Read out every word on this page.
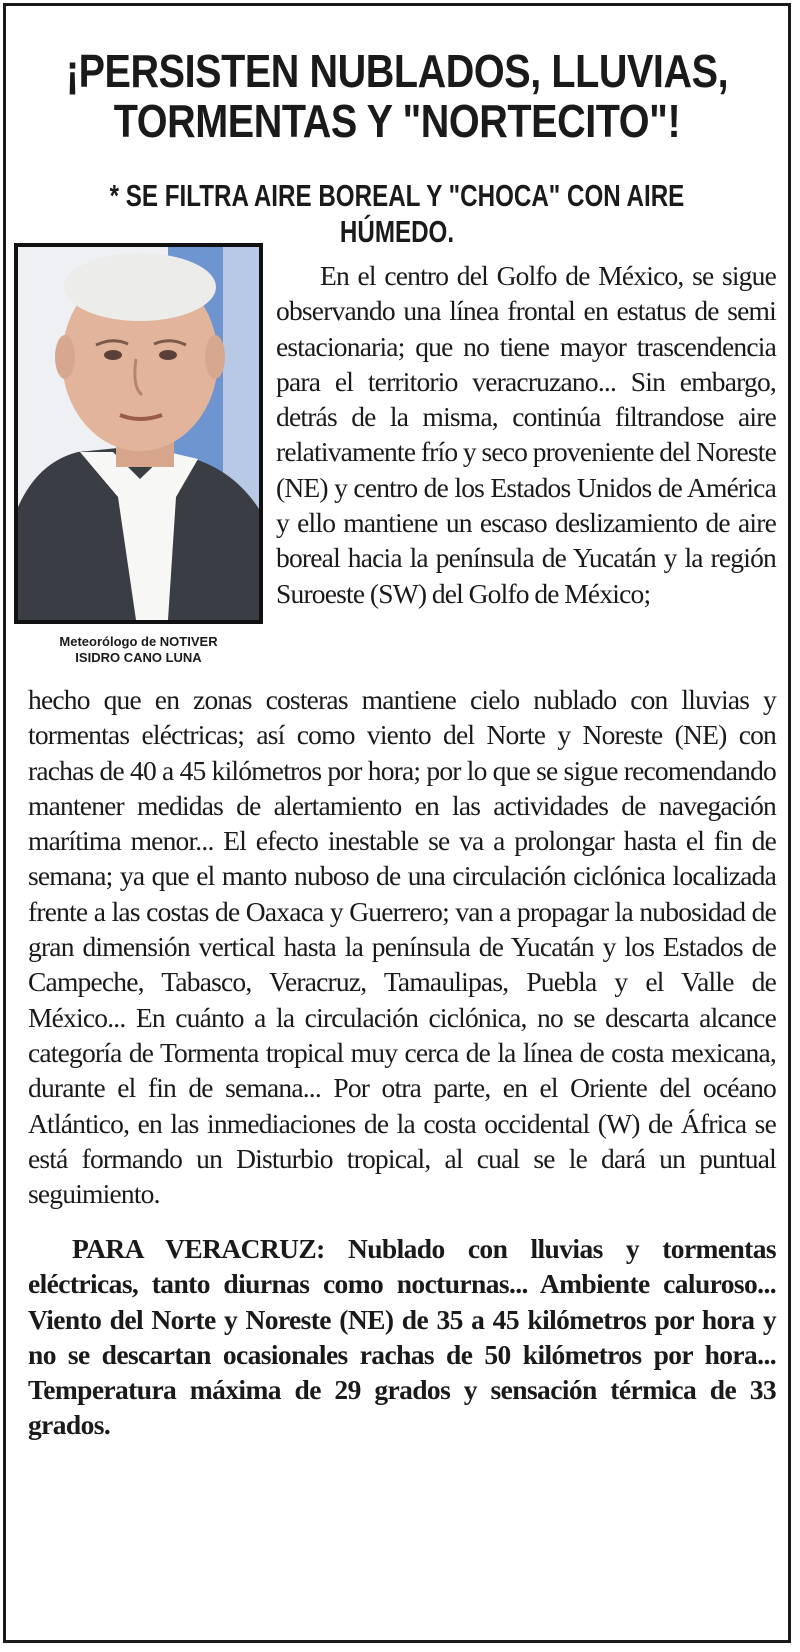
¡PERSISTEN NUBLADOS, LLUVIAS,
TORMENTAS Y "NORTECITO"!
* SE FILTRA AIRE BOREAL Y "CHOCA" CON AIRE HÚMEDO.
Meteorólogo de NOTIVER
ISIDRO CANO LUNA

En el centro del Golfo de México, se sigue observando una línea frontal en estatus de semi estacionaria; que no tiene mayor trascendencia para el territorio veracruzano... Sin embargo, detrás de la misma, continúa filtrandose aire relativamente frío y seco proveniente del Noreste (NE) y centro de los Estados Unidos de América y ello mantiene un escaso deslizamiento de aire boreal hacia la península de Yucatán y la región Suroeste (SW) del Golfo de México;

hecho que en zonas costeras mantiene cielo nublado con lluvias y tormentas eléctricas; así como viento del Norte y Noreste (NE) con rachas de 40 a 45 kilómetros por hora; por lo que se sigue recomendando mantener medidas de alertamiento en las actividades de navegación marítima menor... El efecto inestable se va a prolongar hasta el fin de semana; ya que el manto nuboso de una circulación ciclónica localizada frente a las costas de Oaxaca y Guerrero; van a propagar la nubosidad de gran dimensión vertical hasta la península de Yucatán y los Estados de Campeche, Tabasco, Veracruz, Tamaulipas, Puebla y el Valle de México... En cuánto a la circulación ciclónica, no se descarta alcance categoría de Tormenta tropical muy cerca de la línea de costa mexicana, durante el fin de semana... Por otra parte, en el Oriente del océano Atlántico, en las inmediaciones de la costa occidental (W) de África se está formando un Disturbio tropical, al cual se le dará un puntual seguimiento.

PARA VERACRUZ: Nublado con lluvias y tormentas eléctricas, tanto diurnas como nocturnas... Ambiente caluroso... Viento del Norte y Noreste (NE) de 35 a 45 kilómetros por hora y no se descartan ocasionales rachas de 50 kilómetros por hora... Temperatura máxima de 29 grados y sensación térmica de 33 grados.
